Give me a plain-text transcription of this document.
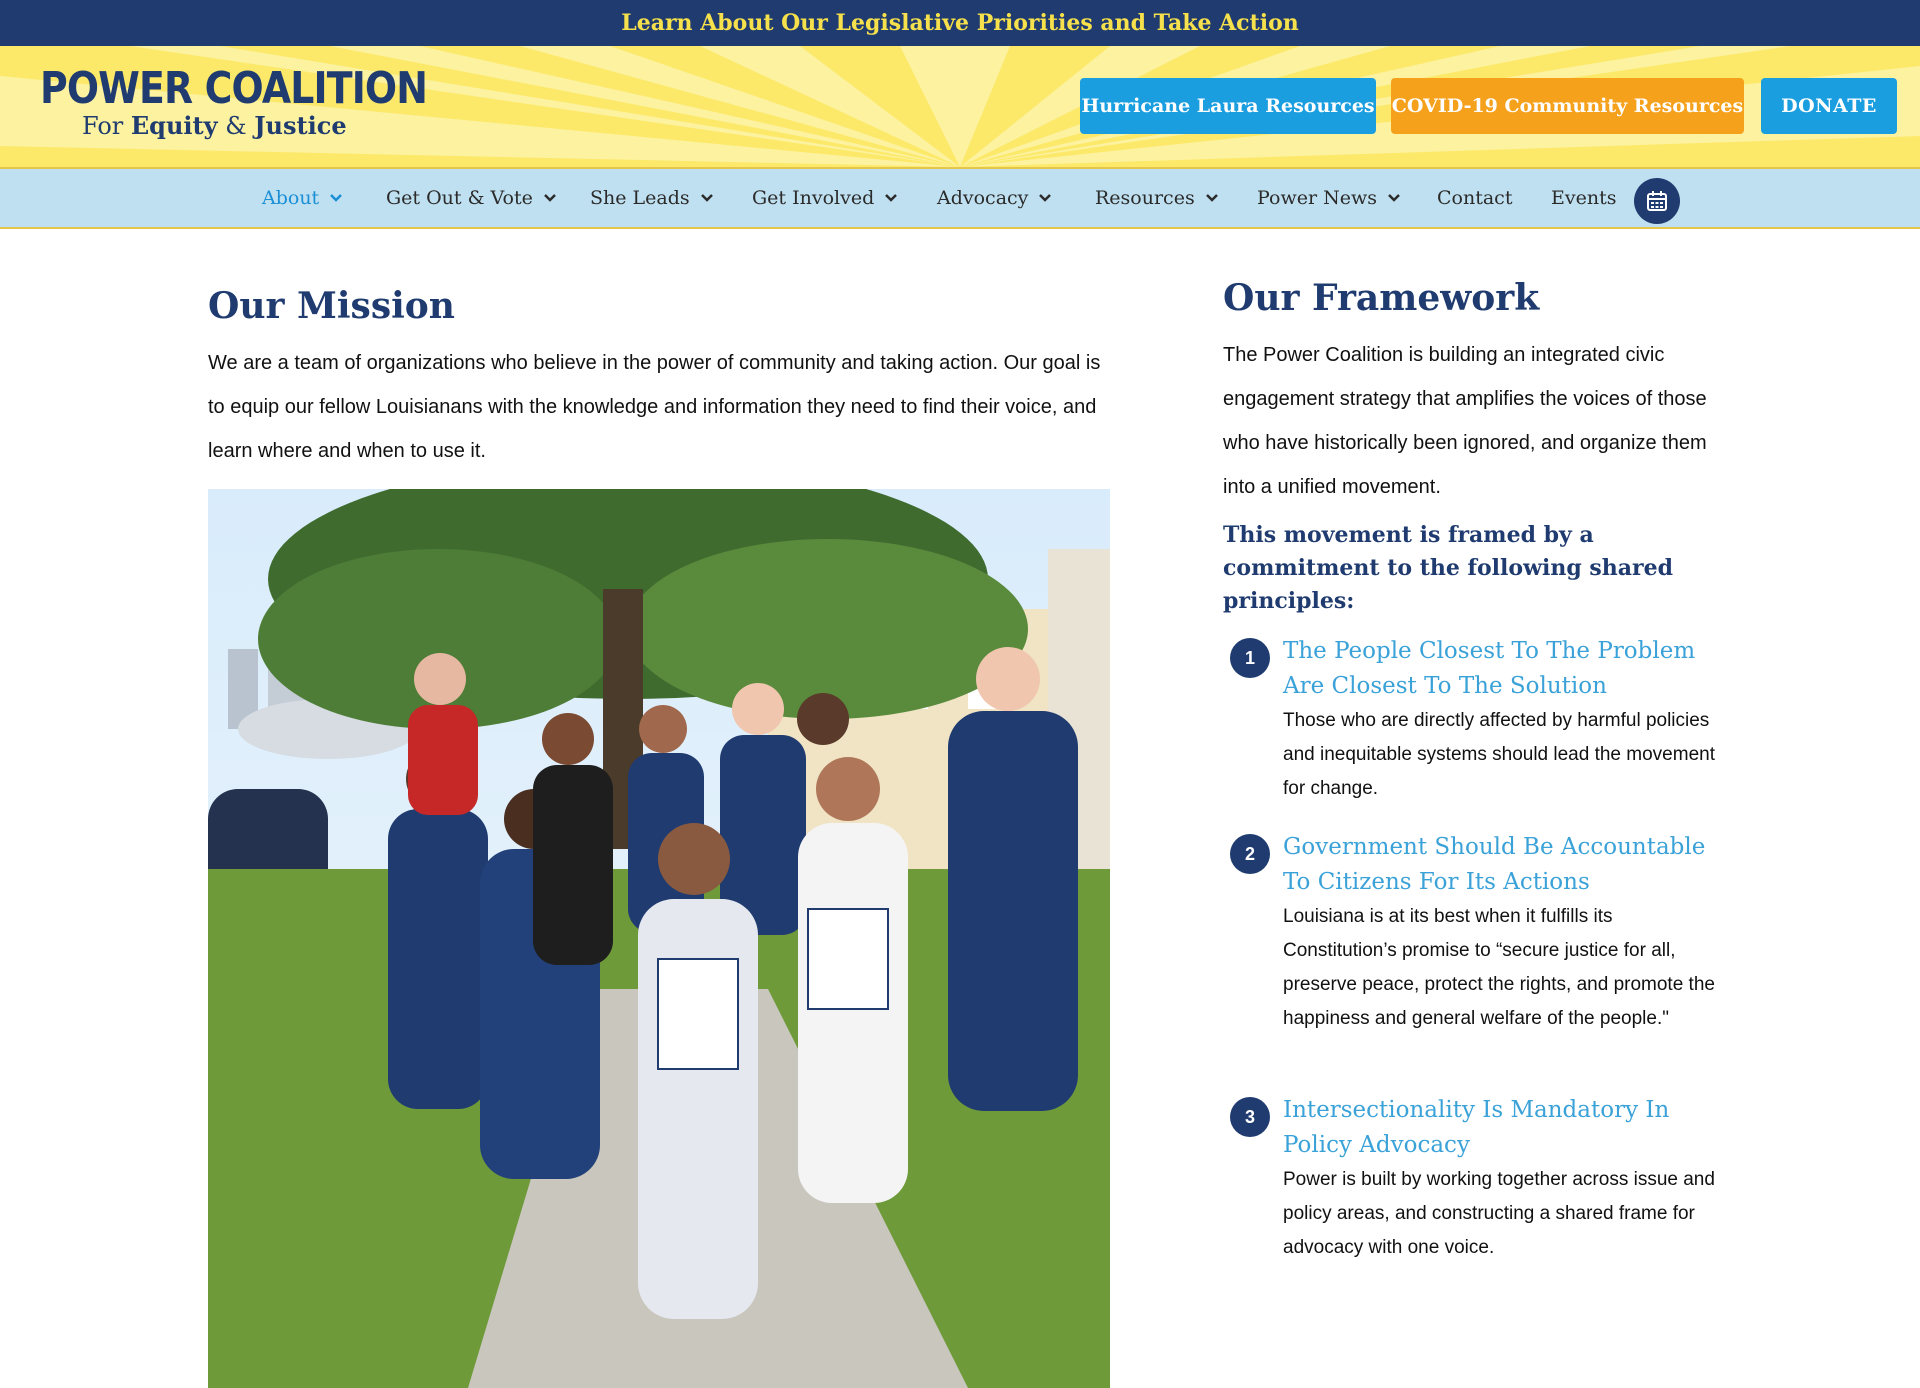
Learn About Our Legislative Priorities and Take Action
POWER COALITION
For Equity & Justice
Hurricane Laura Resources COVID-19 Community Resources	DONATE
About	Get Out & Vote	She Leads	Get Involved	Advocacy	Resources	Power News	Contact Events
Our Mission

We are a team of organizations who believe in the power of community and taking action. Our goal is to equip our fellow Louisianans with the knowledge and information they need to find their voice, and learn where and when to use it.

Our Framework

The Power Coalition is building an integrated civic engagement strategy that amplifies the voices of those who have historically been ignored, and organize them into a unified movement.

This movement is framed by a commitment to the following shared principles:
1	The People Closest To The Problem Are Closest To The Solution
Those who are directly affected by harmful policies and inequitable systems should lead the movement for change.
2	Government Should Be Accountable To Citizens For Its Actions
Louisiana is at its best when it fulfills its Constitution’s promise to “secure justice for all, preserve peace, protect the rights, and promote the happiness and general welfare of the people."
3	Intersectionality Is Mandatory In Policy Advocacy
Power is built by working together across issue and policy areas, and constructing a shared frame for advocacy with one voice.
